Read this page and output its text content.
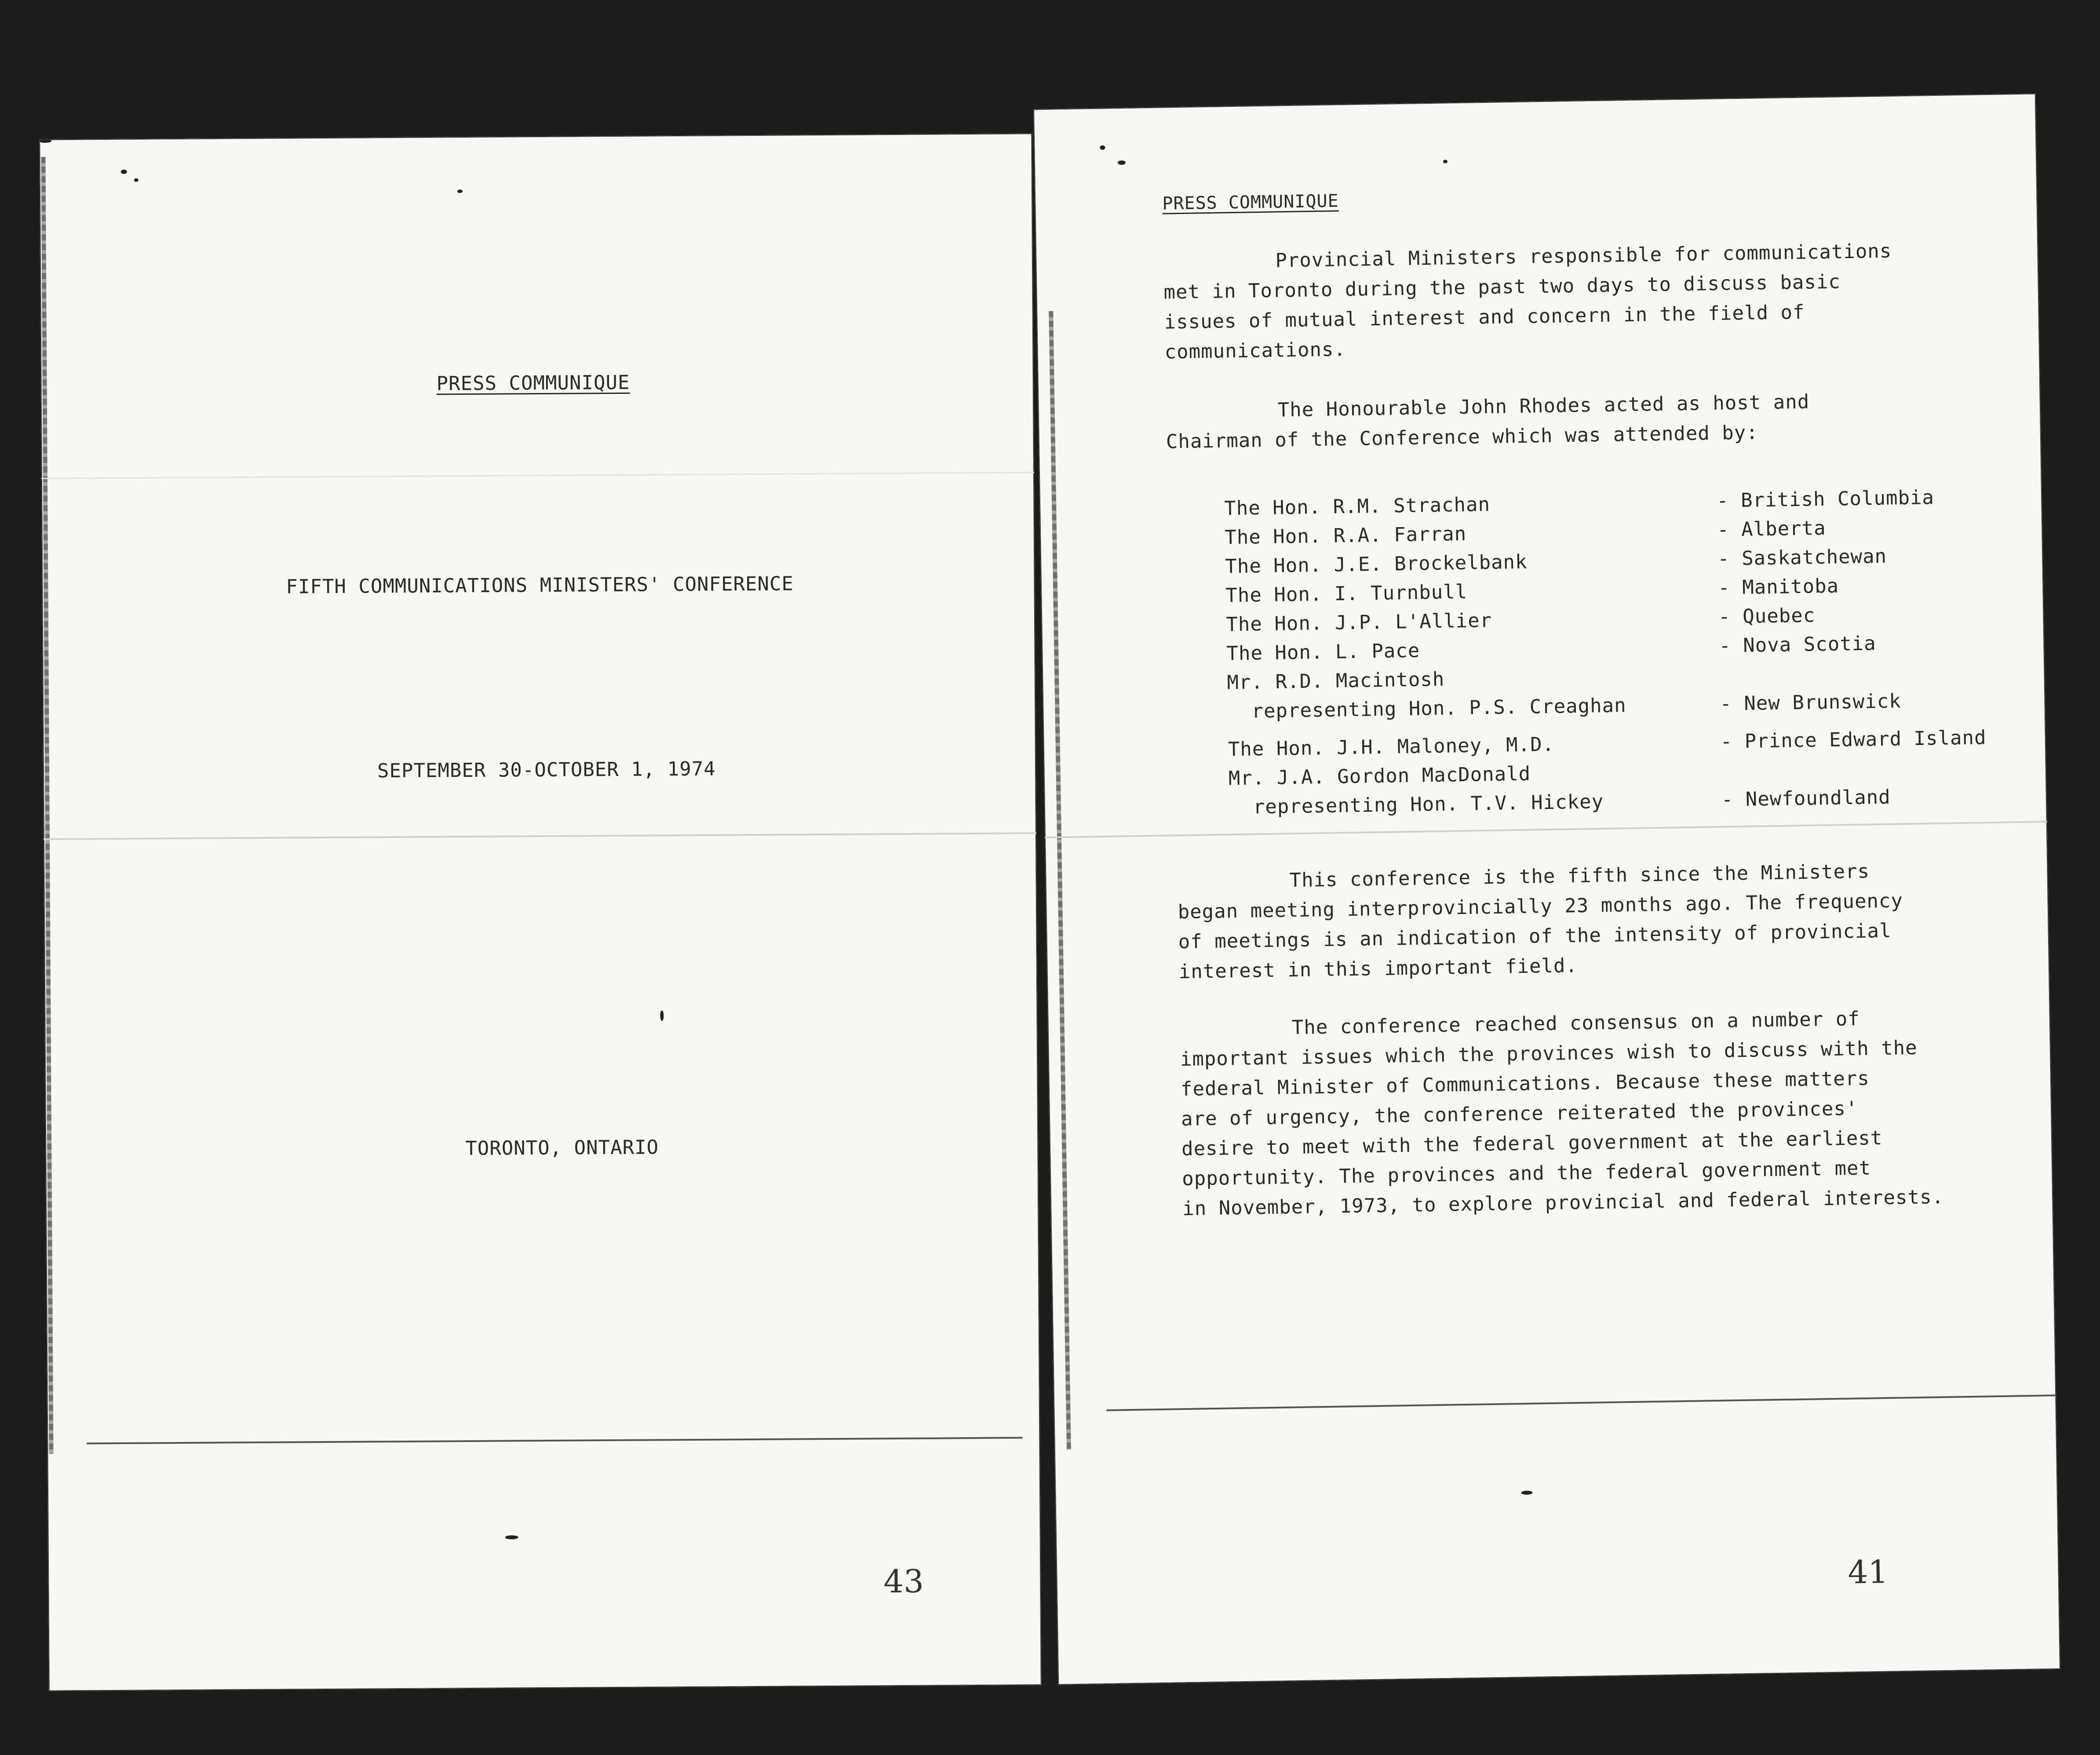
PRESS COMMUNIQUE
FIFTH COMMUNICATIONS MINISTERS' CONFERENCE
SEPTEMBER 30-OCTOBER 1, 1974
TORONTO, ONTARIO
43
PRESS COMMUNIQUE
Provincial Ministers responsible for communications
met in Toronto during the past two days to discuss basic
issues of mutual interest and concern in the field of
communications.
The Honourable John Rhodes acted as host and
Chairman of the Conference which was attended by:
The Hon. R.M. Strachan	- British Columbia
The Hon. R.A. Farran	- Alberta
The Hon. J.E. Brockelbank	- Saskatchewan
The Hon. I. Turnbull	- Manitoba
The Hon. J.P. L'Allier	- Quebec
The Hon. L. Pace	- Nova Scotia
Mr. R.D. Macintosh
representing Hon. P.S. Creaghan	- New Brunswick
The Hon. J.H. Maloney, M.D.	- Prince Edward Island
Mr. J.A. Gordon MacDonald
representing Hon. T.V. Hickey	- Newfoundland
This conference is the fifth since the Ministers
began meeting interprovincially 23 months ago. The frequency
of meetings is an indication of the intensity of provincial
interest in this important field.
The conference reached consensus on a number of
important issues which the provinces wish to discuss with the
federal Minister of Communications. Because these matters
are of urgency, the conference reiterated the provinces'
desire to meet with the federal government at the earliest
opportunity. The provinces and the federal government met
in November, 1973, to explore provincial and federal interests.
41
